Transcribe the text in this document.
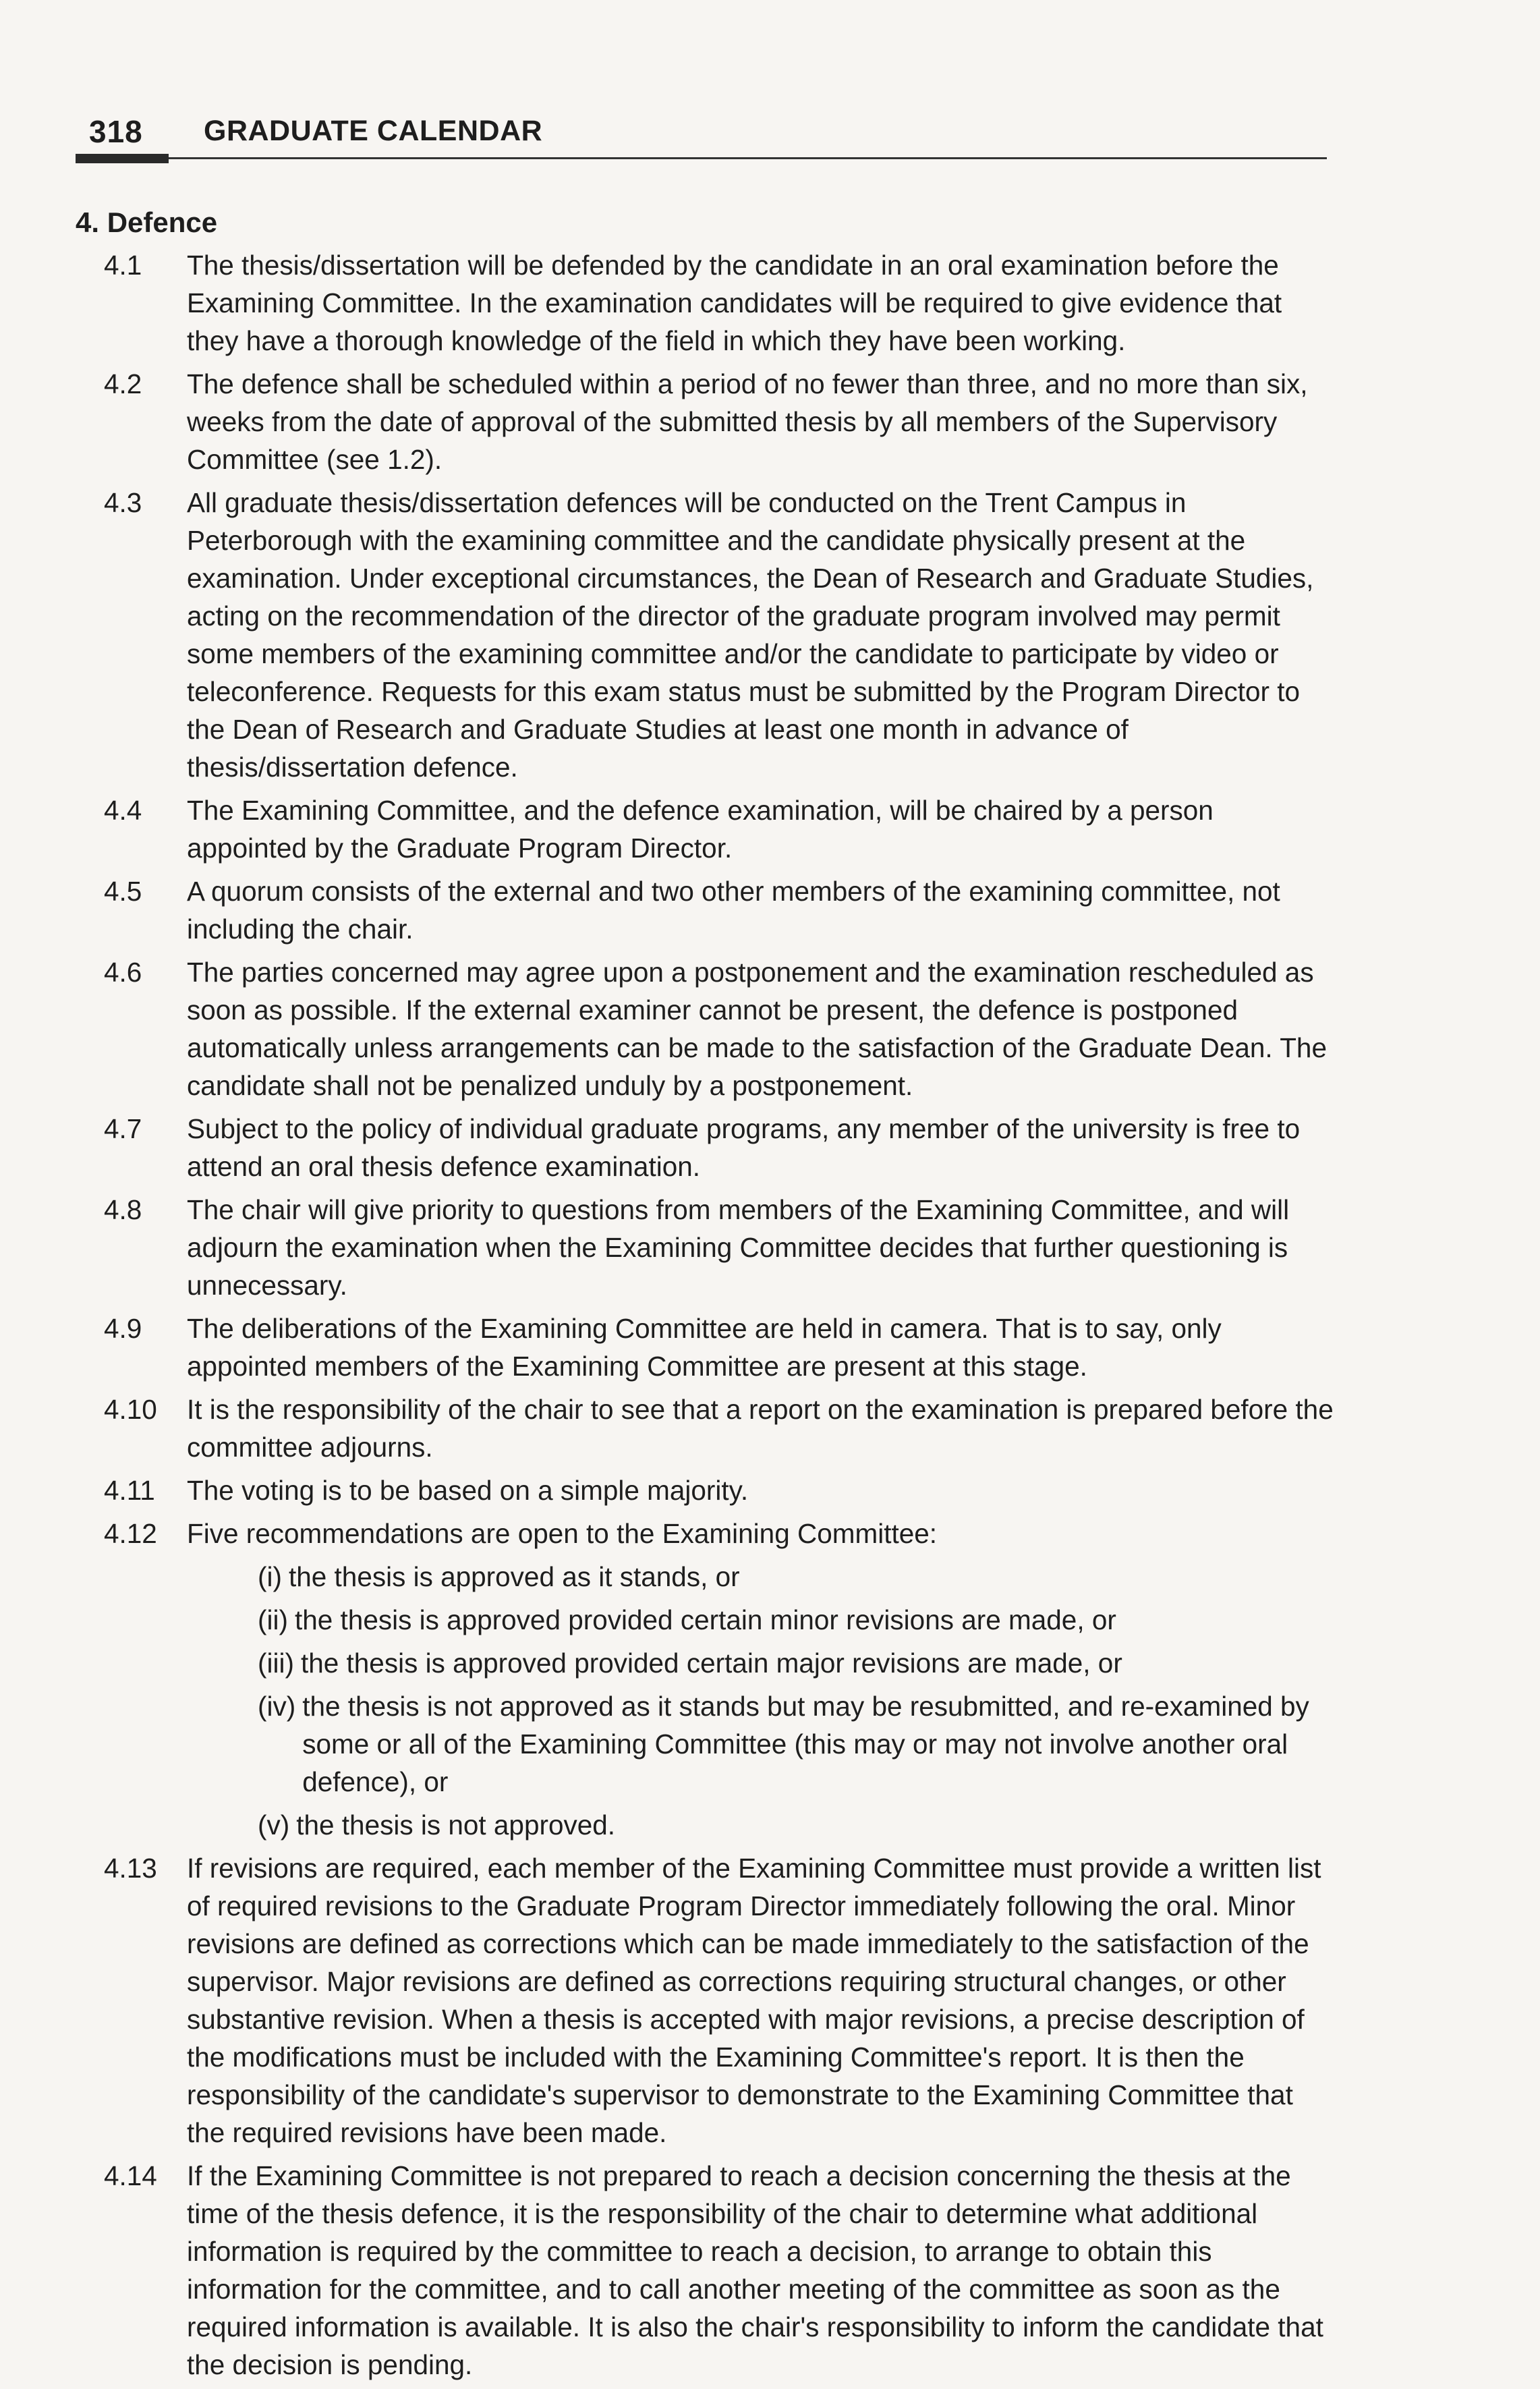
318 GRADUATE CALENDAR
4. Defence
4.1	The thesis/dissertation will be defended by the candidate in an oral examination before the Examining Committee. In the examination candidates will be required to give evidence that they have a thorough knowledge of the field in which they have been working.
4.2	The defence shall be scheduled within a period of no fewer than three, and no more than six, weeks from the date of approval of the submitted thesis by all members of the Supervisory Committee (see 1.2).
4.3	All graduate thesis/dissertation defences will be conducted on the Trent Campus in Peterborough with the examining committee and the candidate physically present at the examination. Under exceptional circumstances, the Dean of Research and Graduate Studies, acting on the recommendation of the director of the graduate program involved may permit some members of the examining committee and/or the candidate to participate by video or teleconference. Requests for this exam status must be submitted by the Program Director to the Dean of Research and Graduate Studies at least one month in advance of thesis/dissertation defence.
4.4	The Examining Committee, and the defence examination, will be chaired by a person appointed by the Graduate Program Director.
4.5	A quorum consists of the external and two other members of the examining committee, not including the chair.
4.6	The parties concerned may agree upon a postponement and the examination rescheduled as soon as possible. If the external examiner cannot be present, the defence is postponed automatically unless arrangements can be made to the satisfaction of the Graduate Dean. The candidate shall not be penalized unduly by a postponement.
4.7	Subject to the policy of individual graduate programs, any member of the university is free to attend an oral thesis defence examination.
4.8	The chair will give priority to questions from members of the Examining Committee, and will adjourn the examination when the Examining Committee decides that further questioning is unnecessary.
4.9	The deliberations of the Examining Committee are held in camera. That is to say, only appointed members of the Examining Committee are present at this stage.
4.10	It is the responsibility of the chair to see that a report on the examination is prepared before the committee adjourns.
4.11	The voting is to be based on a simple majority.
4.12	Five recommendations are open to the Examining Committee:
(i) the thesis is approved as it stands, or
(ii) the thesis is approved provided certain minor revisions are made, or
(iii) the thesis is approved provided certain major revisions are made, or
(iv) the thesis is not approved as it stands but may be resubmitted, and re-examined by some or all of the Examining Committee (this may or may not involve another oral defence), or
(v) the thesis is not approved.
4.13	If revisions are required, each member of the Examining Committee must provide a written list of required revisions to the Graduate Program Director immediately following the oral. Minor revisions are defined as corrections which can be made immediately to the satisfaction of the supervisor. Major revisions are defined as corrections requiring structural changes, or other substantive revision. When a thesis is accepted with major revisions, a precise description of the modifications must be included with the Examining Committee's report. It is then the responsibility of the candidate's supervisor to demonstrate to the Examining Committee that the required revisions have been made.
4.14	If the Examining Committee is not prepared to reach a decision concerning the thesis at the time of the thesis defence, it is the responsibility of the chair to determine what additional information is required by the committee to reach a decision, to arrange to obtain this information for the committee, and to call another meeting of the committee as soon as the required information is available. It is also the chair's responsibility to inform the candidate that the decision is pending.
